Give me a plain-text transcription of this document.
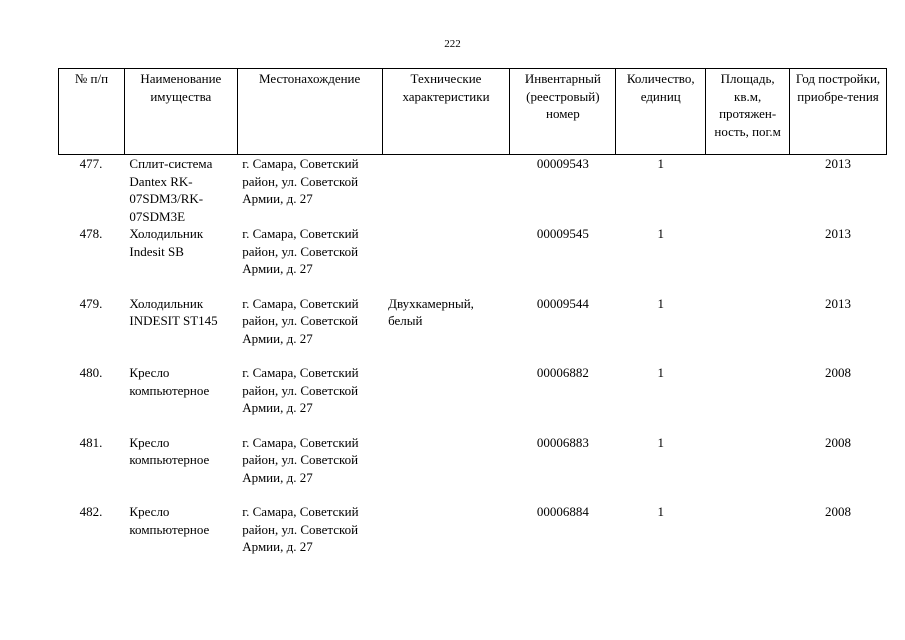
222
№ п/п	Наименование имущества	Местонахождение	Технические характеристики	Инвентарный (реестровый) номер	Количество, единиц	Площадь, кв.м, протяжен-ность, пог.м	Год постройки, приобре-тения
477.	Сплит-система Dantex RK-07SDM3/RK-07SDM3E	г. Самара, Советский район, ул. Советской Армии, д. 27		00009543	1		2013
478.	Холодильник Indesit SB	г. Самара, Советский район, ул. Советской Армии, д. 27		00009545	1		2013
479.	Холодильник INDESIT ST145	г. Самара, Советский район, ул. Советской Армии, д. 27	Двухкамерный, белый	00009544	1		2013
480.	Кресло компьютерное	г. Самара, Советский район, ул. Советской Армии, д. 27		00006882	1		2008
481.	Кресло компьютерное	г. Самара, Советский район, ул. Советской Армии, д. 27		00006883	1		2008
482.	Кресло компьютерное	г. Самара, Советский район, ул. Советской Армии, д. 27		00006884	1		2008
